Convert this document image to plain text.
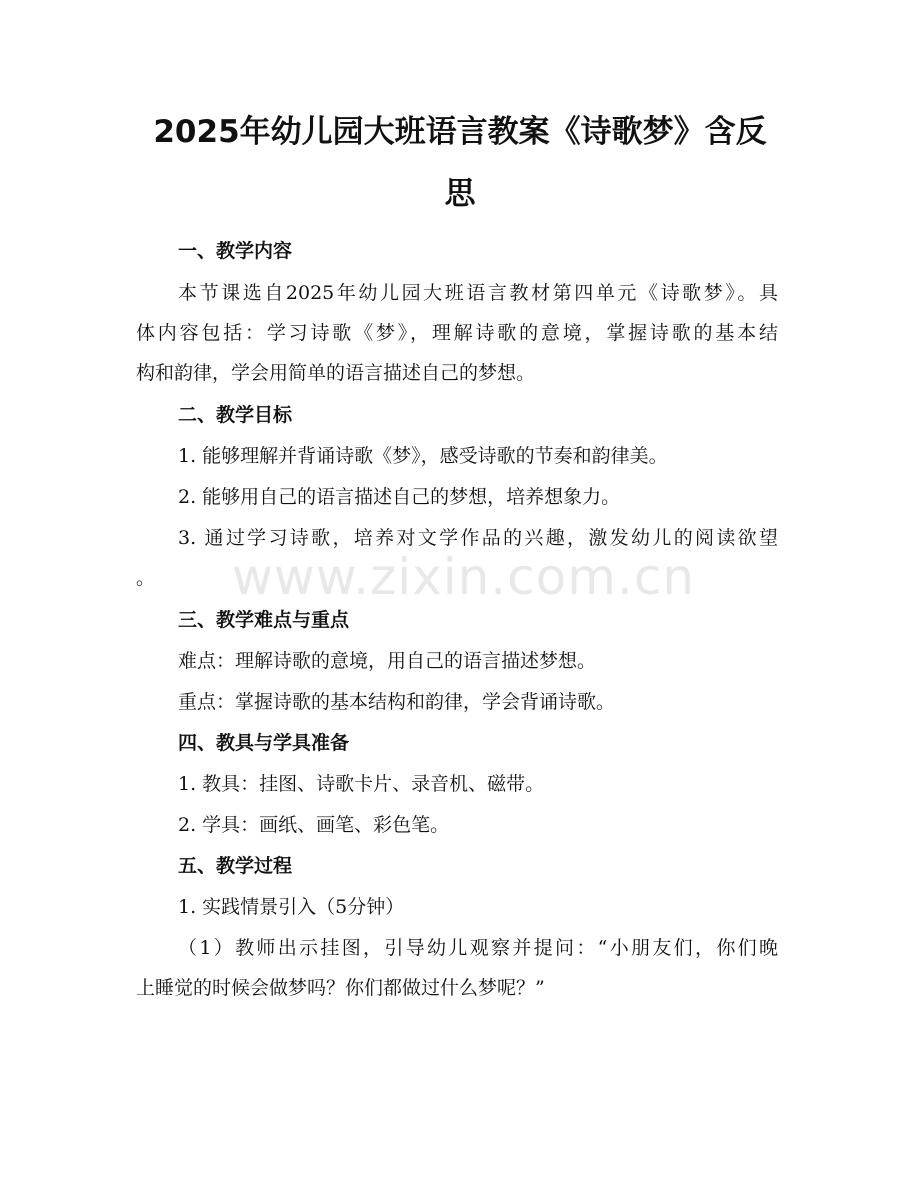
2025年幼儿园大班语言教案《诗歌梦》含反
思
一、教学内容
本节课选自2025年幼儿园大班语言教材第四单元《诗歌梦》。具
体内容包括：学习诗歌《梦》，理解诗歌的意境，掌握诗歌的基本结
构和韵律，学会用简单的语言描述自己的梦想。
二、教学目标
1. 能够理解并背诵诗歌《梦》，感受诗歌的节奏和韵律美。
2. 能够用自己的语言描述自己的梦想，培养想象力。
3. 通过学习诗歌，培养对文学作品的兴趣，激发幼儿的阅读欲望
。 www.zixin.com.cn
三、教学难点与重点
难点：理解诗歌的意境，用自己的语言描述梦想。
重点：掌握诗歌的基本结构和韵律，学会背诵诗歌。
四、教具与学具准备
1. 教具：挂图、诗歌卡片、录音机、磁带。
2. 学具：画纸、画笔、彩色笔。
五、教学过程
1. 实践情景引入（5分钟）
（1）教师出示挂图，引导幼儿观察并提问：“小朋友们，你们晚
上睡觉的时候会做梦吗？你们都做过什么梦呢？”
